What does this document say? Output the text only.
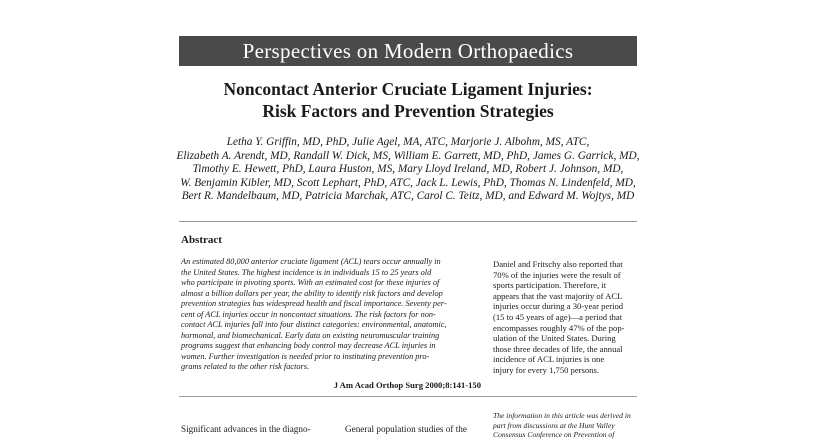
Perspectives on Modern Orthopaedics
Noncontact Anterior Cruciate Ligament Injuries:
Risk Factors and Prevention Strategies
Letha Y. Griffin, MD, PhD, Julie Agel, MA, ATC, Marjorie J. Albohm, MS, ATC,
Elizabeth A. Arendt, MD, Randall W. Dick, MS, William E. Garrett, MD, PhD, James G. Garrick, MD,
Timothy E. Hewett, PhD, Laura Huston, MS, Mary Lloyd Ireland, MD, Robert J. Johnson, MD,
W. Benjamin Kibler, MD, Scott Lephart, PhD, ATC, Jack L. Lewis, PhD, Thomas N. Lindenfeld, MD,
Bert R. Mandelbaum, MD, Patricia Marchak, ATC, Carol C. Teitz, MD, and Edward M. Wojtys, MD
Abstract
An estimated 80,000 anterior cruciate ligament (ACL) tears occur annually in
the United States. The highest incidence is in individuals 15 to 25 years old
who participate in pivoting sports. With an estimated cost for these injuries of
almost a billion dollars per year, the ability to identify risk factors and develop
prevention strategies has widespread health and fiscal importance. Seventy per-
cent of ACL injuries occur in noncontact situations. The risk factors for non-
contact ACL injuries fall into four distinct categories: environmental, anatomic,
hormonal, and biomechanical. Early data on existing neuromuscular training
programs suggest that enhancing body control may decrease ACL injuries in
women. Further investigation is needed prior to instituting prevention pro-
grams related to the other risk factors.
J Am Acad Orthop Surg 2000;8:141-150
Daniel and Fritschy also reported that
70% of the injuries were the result of
sports participation. Therefore, it
appears that the vast majority of ACL
injuries occur during a 30-year period
(15 to 45 years of age)—a period that
encompasses roughly 47% of the pop-
ulation of the United States. During
those three decades of life, the annual
incidence of ACL injuries is one
injury for every 1,750 persons.
Significant advances in the diagno-	General population studies of the
The information in this article was derived in
part from discussions at the Hunt Valley
Consensus Conference on Prevention of
